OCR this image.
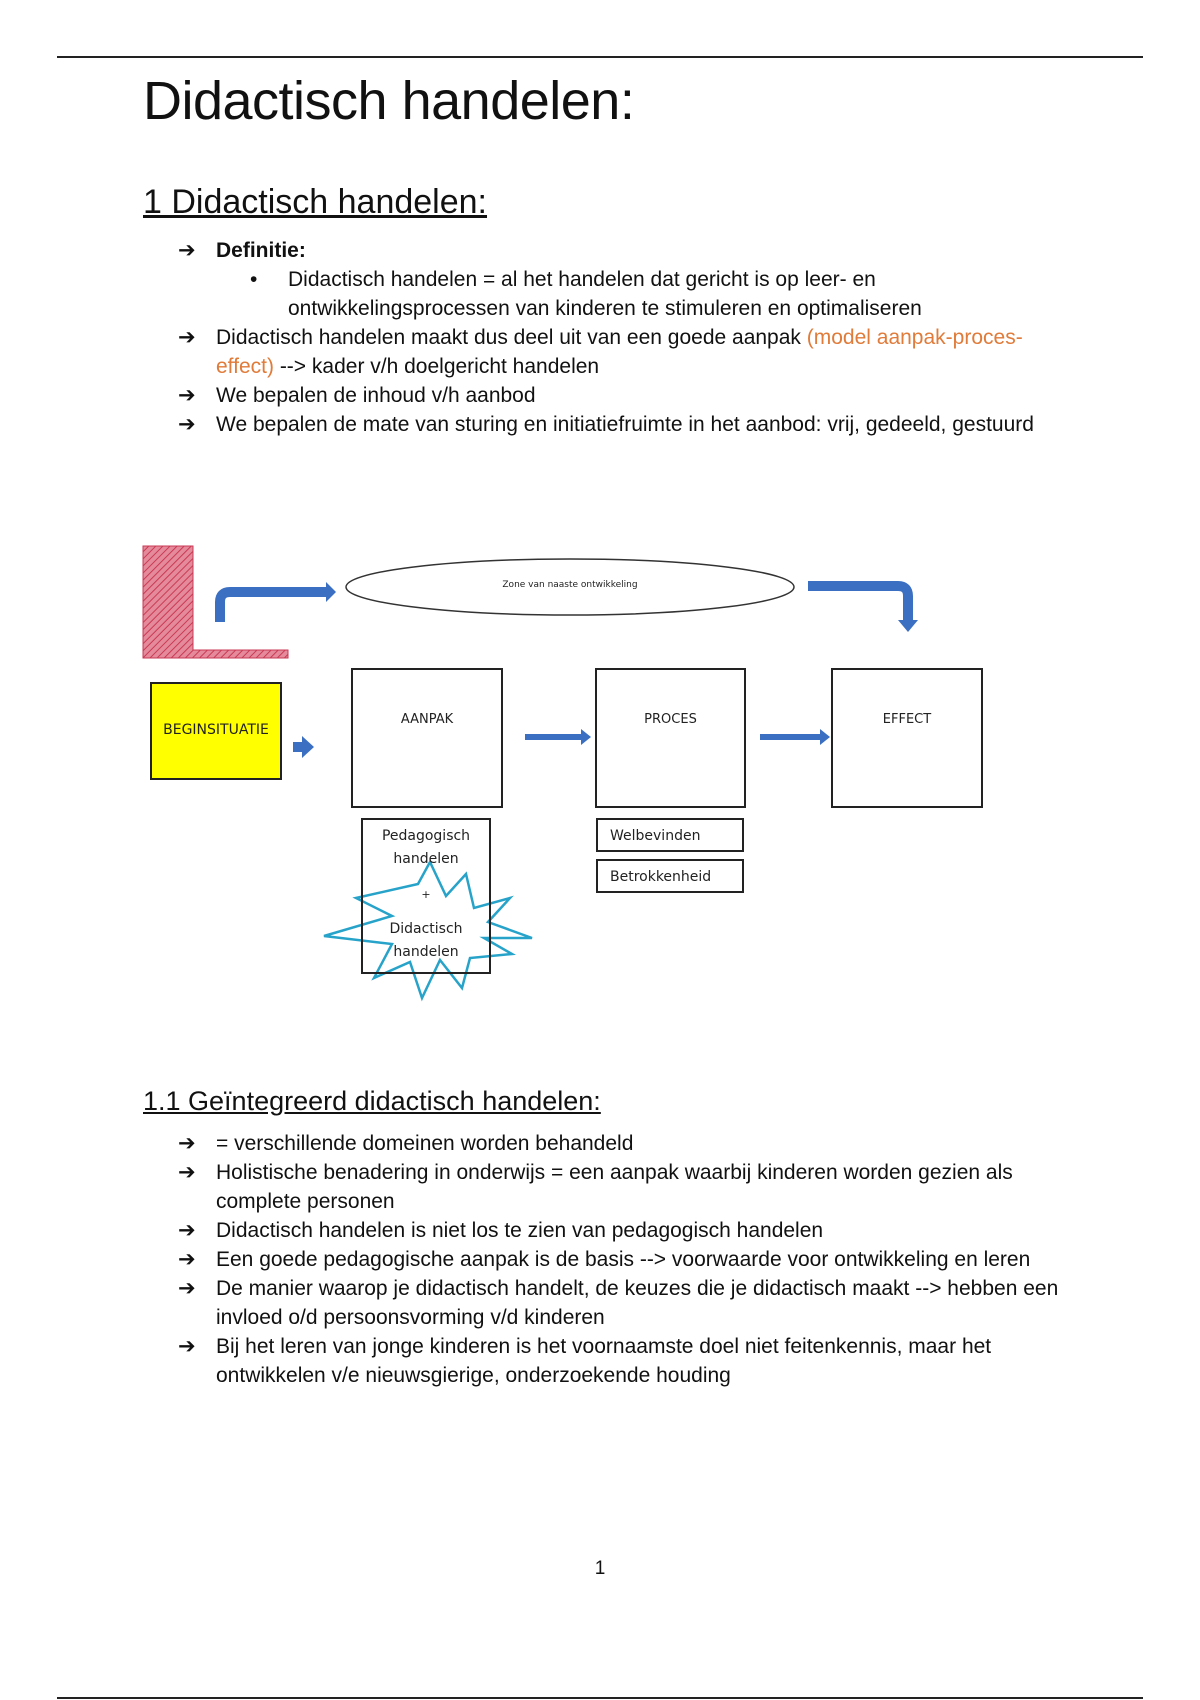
Didactisch handelen:
1 Didactisch handelen:
➔ Definitie:
• Didactisch handelen = al het handelen dat gericht is op leer- en ontwikkelingsprocessen van kinderen te stimuleren en optimaliseren
➔ Didactisch handelen maakt dus deel uit van een goede aanpak (model aanpak-proces-effect) --> kader v/h doelgericht handelen
➔ We bepalen de inhoud v/h aanbod
➔ We bepalen de mate van sturing en initiatiefruimte in het aanbod: vrij, gedeeld, gestuurd
Zone van naaste ontwikkeling
BEGINSITUATIE
AANPAK	PROCES	EFFECT
Pedagogisch
handelen
+
Didactisch
handelen
Welbevinden
Betrokkenheid
1.1 Geïntegreerd didactisch handelen:
➔ = verschillende domeinen worden behandeld
➔ Holistische benadering in onderwijs = een aanpak waarbij kinderen worden gezien als complete personen
➔ Didactisch handelen is niet los te zien van pedagogisch handelen
➔ Een goede pedagogische aanpak is de basis --> voorwaarde voor ontwikkeling en leren
➔ De manier waarop je didactisch handelt, de keuzes die je didactisch maakt --> hebben een invloed o/d persoonsvorming v/d kinderen
➔ Bij het leren van jonge kinderen is het voornaamste doel niet feitenkennis, maar het ontwikkelen v/e nieuwsgierige, onderzoekende houding
1
